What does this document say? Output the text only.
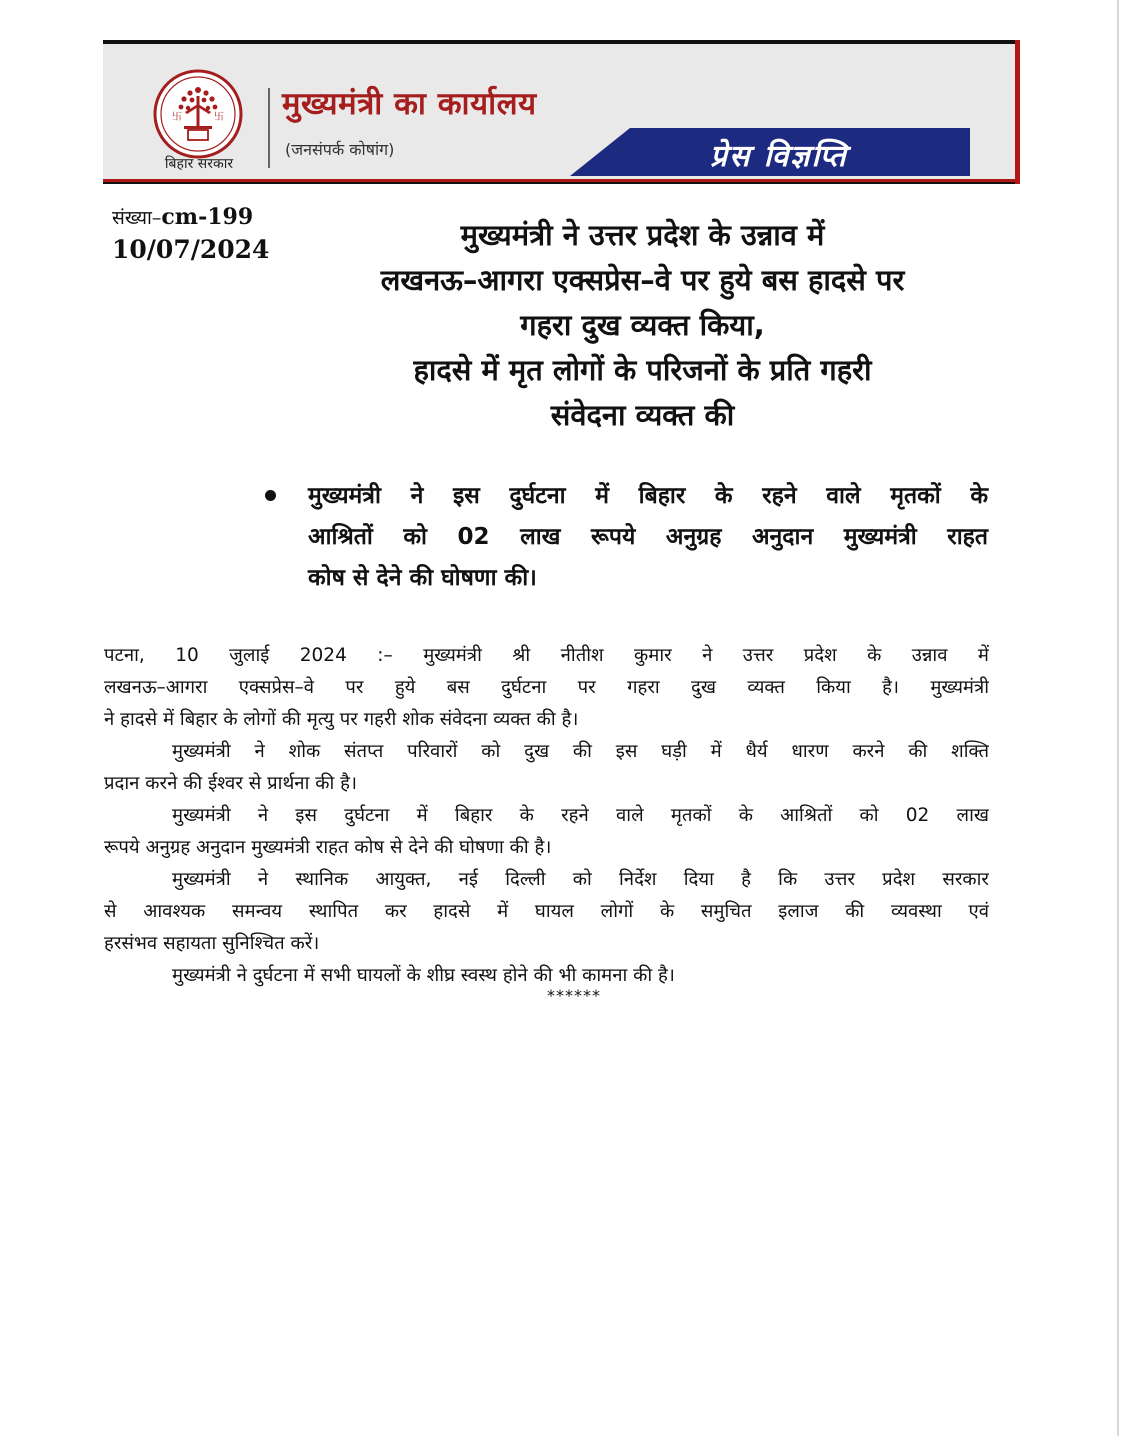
卐	卐
बिहार सरकार
मुख्यमंत्री का कार्यालय
(जनसंपर्क कोषांग)	प्रेस विज्ञप्ति
संख्या–cm-199
10/07/2024	मुख्यमंत्री ने उत्तर प्रदेश के उन्नाव में
लखनऊ–आगरा एक्सप्रेस–वे पर हुये बस हादसे पर
गहरा दुख व्यक्त किया,
हादसे में मृत लोगों के परिजनों के प्रति गहरी
संवेदना व्यक्त की
मुख्यमंत्री ने इस दुर्घटना में बिहार के रहने वाले मृतकों के
आश्रितों को 02 लाख रूपये अनुग्रह अनुदान मुख्यमंत्री राहत
कोष से देने की घोषणा की।
पटना, 10 जुलाई 2024 :– मुख्यमंत्री श्री नीतीश कुमार ने उत्तर प्रदेश के उन्नाव में
लखनऊ–आगरा एक्सप्रेस–वे पर हुये बस दुर्घटना पर गहरा दुख व्यक्त किया है। मुख्यमंत्री
ने हादसे में बिहार के लोगों की मृत्यु पर गहरी शोक संवेदना व्यक्त की है।
मुख्यमंत्री ने शोक संतप्त परिवारों को दुख की इस घड़ी में धैर्य धारण करने की शक्ति
प्रदान करने की ईश्वर से प्रार्थना की है।
मुख्यमंत्री ने इस दुर्घटना में बिहार के रहने वाले मृतकों के आश्रितों को 02 लाख
रूपये अनुग्रह अनुदान मुख्यमंत्री राहत कोष से देने की घोषणा की है।
मुख्यमंत्री ने स्थानिक आयुक्त, नई दिल्ली को निर्देश दिया है कि उत्तर प्रदेश सरकार
से आवश्यक समन्वय स्थापित कर हादसे में घायल लोगों के समुचित इलाज की व्यवस्था एवं
हरसंभव सहायता सुनिश्चित करें।
मुख्यमंत्री ने दुर्घटना में सभी घायलों के शीघ्र स्वस्थ होने की भी कामना की है।
******
